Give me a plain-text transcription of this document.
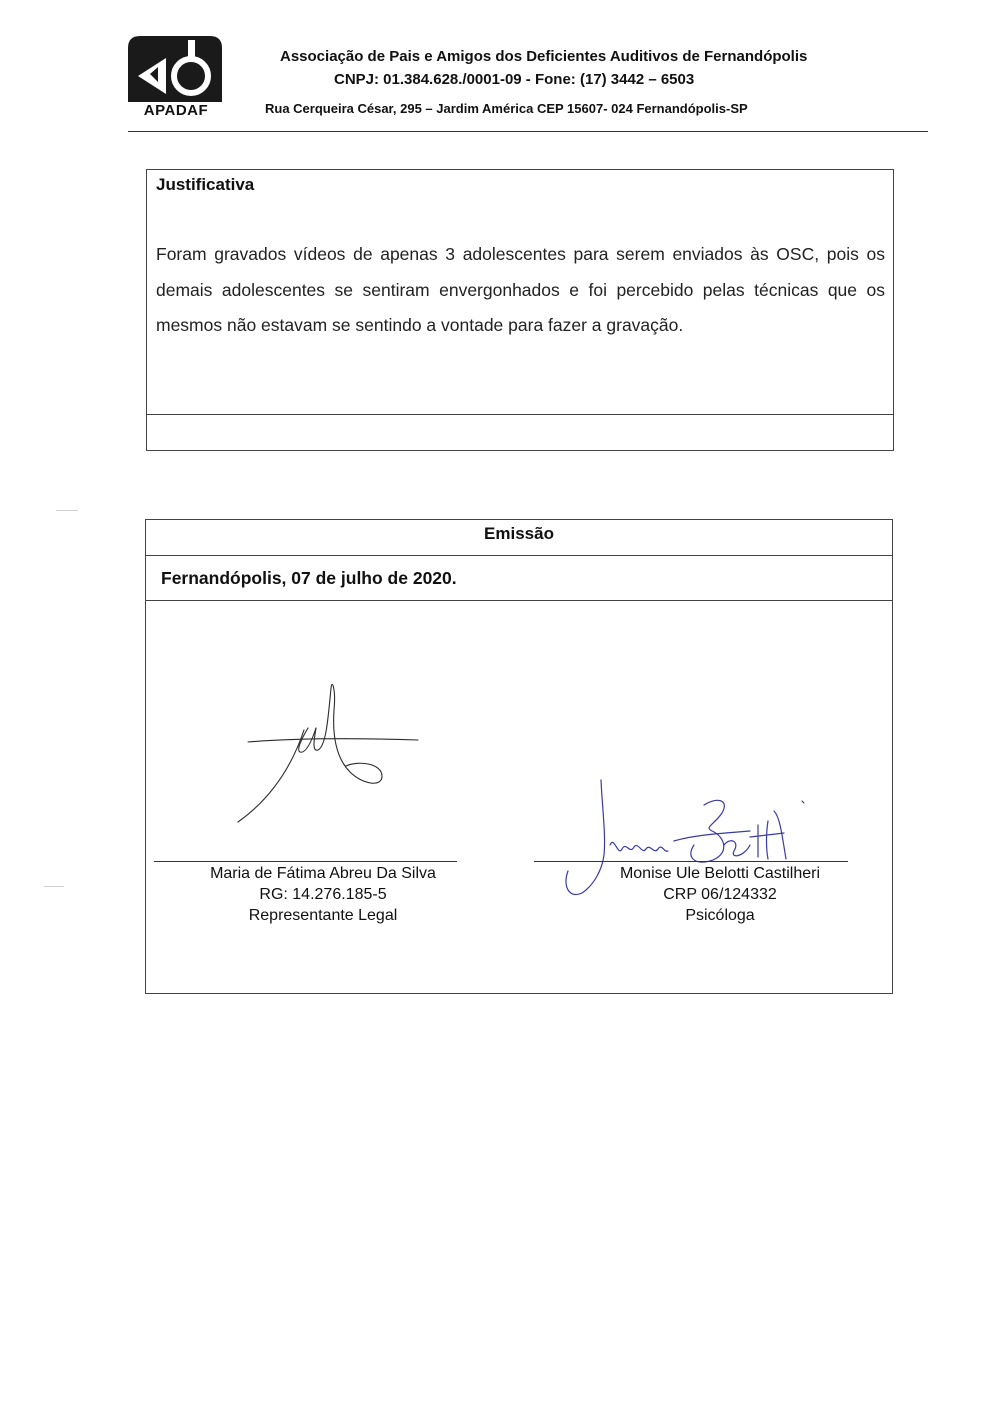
APADAF
Associação de Pais e Amigos dos Deficientes Auditivos de Fernandópolis
CNPJ: 01.384.628./0001-09 - Fone: (17) 3442 – 6503
Rua Cerqueira César, 295 – Jardim América CEP 15607- 024 Fernandópolis-SP
Justificativa
Foram gravados vídeos de apenas 3 adolescentes para serem enviados às OSC, pois os demais adolescentes se sentiram envergonhados e foi percebido pelas técnicas que os mesmos não estavam se sentindo a vontade para fazer a gravação.
Emissão
Fernandópolis, 07 de julho de 2020.
Maria de Fátima Abreu Da Silva
RG: 14.276.185-5
Representante Legal
Monise Ule Belotti Castilheri
CRP 06/124332
Psicóloga
